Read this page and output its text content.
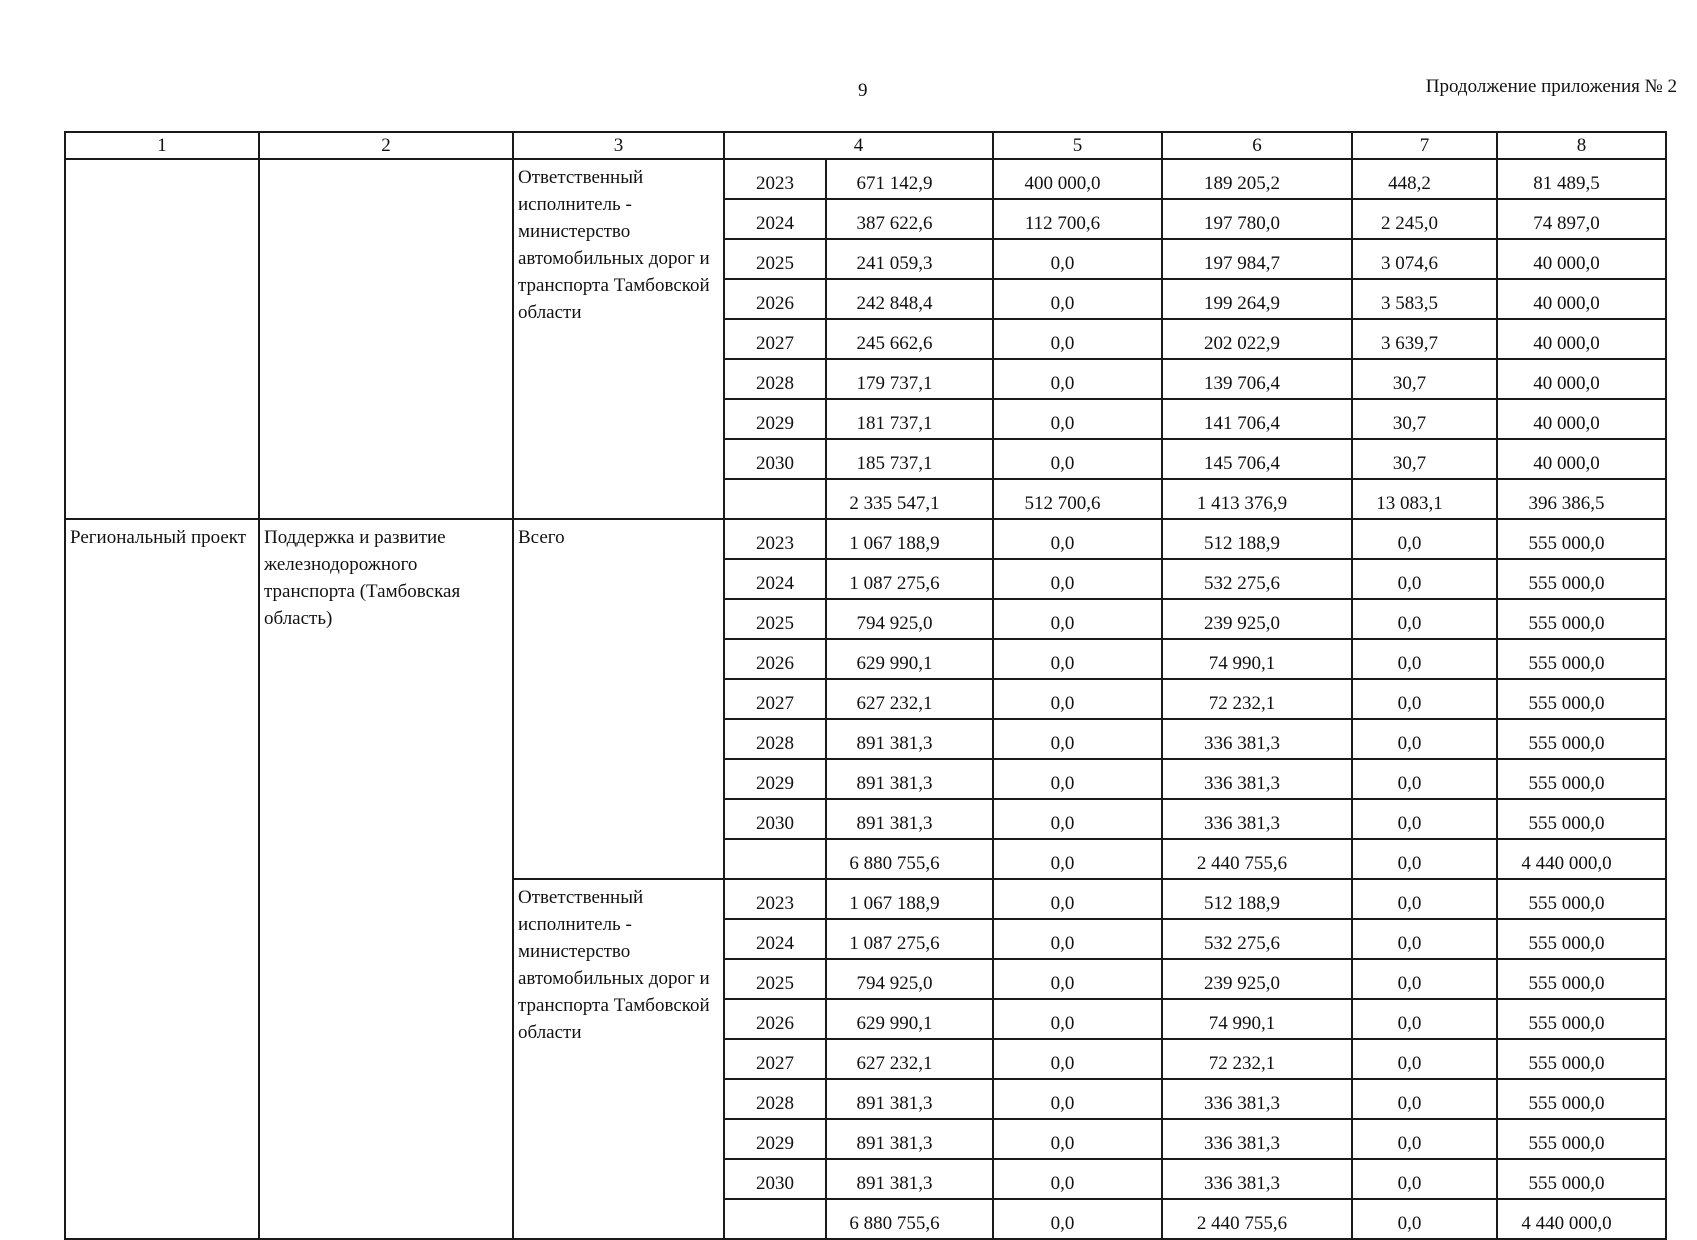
9	Продолжение приложения № 2
1	2	3	4		5	6	7	8
		Ответственный исполнитель - министерство автомобильных дорог и транспорта Тамбовской области	2023	671 142,9	400 000,0	189 205,2	448,2	81 489,5
			2024	387 622,6	112 700,6	197 780,0	2 245,0	74 897,0
			2025	241 059,3	0,0	197 984,7	3 074,6	40 000,0
			2026	242 848,4	0,0	199 264,9	3 583,5	40 000,0
			2027	245 662,6	0,0	202 022,9	3 639,7	40 000,0
			2028	179 737,1	0,0	139 706,4	30,7	40 000,0
			2029	181 737,1	0,0	141 706,4	30,7	40 000,0
			2030	185 737,1	0,0	145 706,4	30,7	40 000,0
				2 335 547,1	512 700,6	1 413 376,9	13 083,1	396 386,5
Региональный проект	Поддержка и развитие железнодорожного транспорта (Тамбовская область)	Всего	2023	1 067 188,9	0,0	512 188,9	0,0	555 000,0
			2024	1 087 275,6	0,0	532 275,6	0,0	555 000,0
			2025	794 925,0	0,0	239 925,0	0,0	555 000,0
			2026	629 990,1	0,0	74 990,1	0,0	555 000,0
			2027	627 232,1	0,0	72 232,1	0,0	555 000,0
			2028	891 381,3	0,0	336 381,3	0,0	555 000,0
			2029	891 381,3	0,0	336 381,3	0,0	555 000,0
			2030	891 381,3	0,0	336 381,3	0,0	555 000,0
				6 880 755,6	0,0	2 440 755,6	0,0	4 440 000,0
		Ответственный исполнитель - министерство автомобильных дорог и транспорта Тамбовской области	2023	1 067 188,9	0,0	512 188,9	0,0	555 000,0
			2024	1 087 275,6	0,0	532 275,6	0,0	555 000,0
			2025	794 925,0	0,0	239 925,0	0,0	555 000,0
			2026	629 990,1	0,0	74 990,1	0,0	555 000,0
			2027	627 232,1	0,0	72 232,1	0,0	555 000,0
			2028	891 381,3	0,0	336 381,3	0,0	555 000,0
			2029	891 381,3	0,0	336 381,3	0,0	555 000,0
			2030	891 381,3	0,0	336 381,3	0,0	555 000,0
				6 880 755,6	0,0	2 440 755,6	0,0	4 440 000,0
